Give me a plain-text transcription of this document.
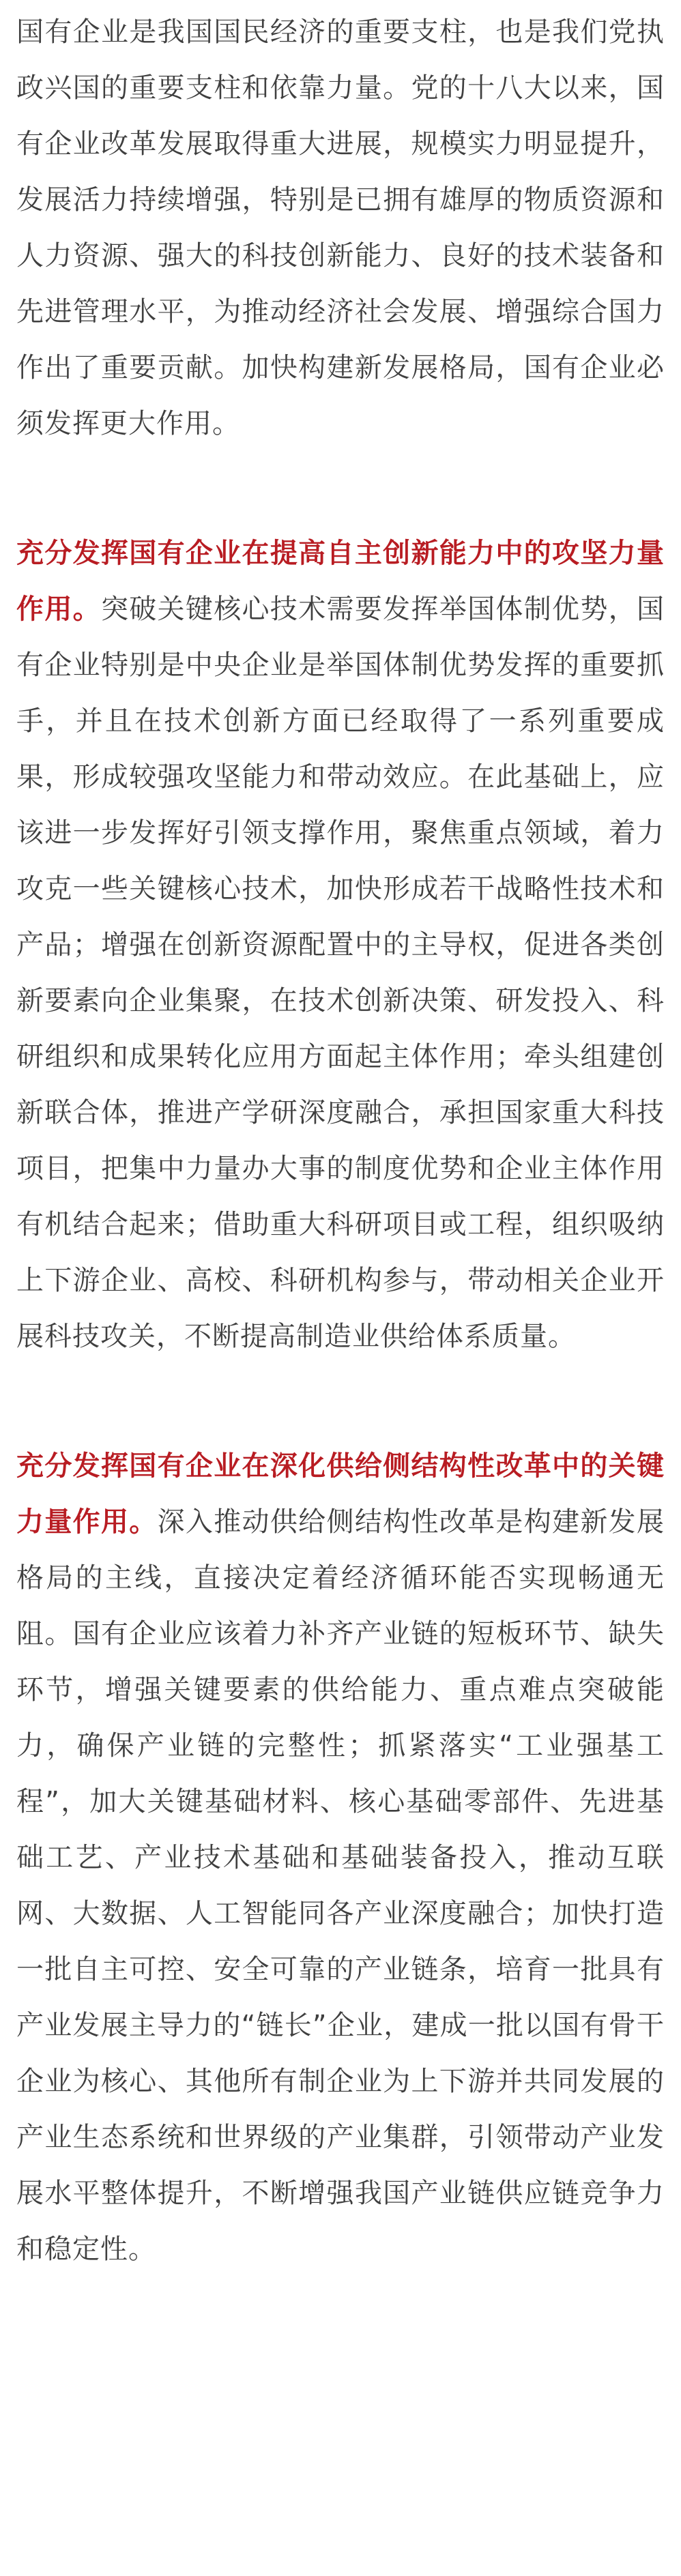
国有企业是我国国民经济的重要支柱，也是我们党执政兴国的重要支柱和依靠力量。党的十八大以来，国有企业改革发展取得重大进展，规模实力明显提升，发展活力持续增强，特别是已拥有雄厚的物质资源和人力资源、强大的科技创新能力、良好的技术装备和先进管理水平，为推动经济社会发展、增强综合国力作出了重要贡献。加快构建新发展格局，国有企业必须发挥更大作用。

充分发挥国有企业在提高自主创新能力中的攻坚力量作用。突破关键核心技术需要发挥举国体制优势，国有企业特别是中央企业是举国体制优势发挥的重要抓手，并且在技术创新方面已经取得了一系列重要成果，形成较强攻坚能力和带动效应。在此基础上，应该进一步发挥好引领支撑作用，聚焦重点领域，着力攻克一些关键核心技术，加快形成若干战略性技术和产品；增强在创新资源配置中的主导权，促进各类创新要素向企业集聚，在技术创新决策、研发投入、科研组织和成果转化应用方面起主体作用；牵头组建创新联合体，推进产学研深度融合，承担国家重大科技项目，把集中力量办大事的制度优势和企业主体作用有机结合起来；借助重大科研项目或工程，组织吸纳上下游企业、高校、科研机构参与，带动相关企业开展科技攻关，不断提高制造业供给体系质量。

充分发挥国有企业在深化供给侧结构性改革中的关键力量作用。深入推动供给侧结构性改革是构建新发展格局的主线，直接决定着经济循环能否实现畅通无阻。国有企业应该着力补齐产业链的短板环节、缺失环节，增强关键要素的供给能力、重点难点突破能力，确保产业链的完整性；抓紧落实“工业强基工程”，加大关键基础材料、核心基础零部件、先进基础工艺、产业技术基础和基础装备投入，推动互联网、大数据、人工智能同各产业深度融合；加快打造一批自主可控、安全可靠的产业链条，培育一批具有产业发展主导力的“链长”企业，建成一批以国有骨干企业为核心、其他所有制企业为上下游并共同发展的产业生态系统和世界级的产业集群，引领带动产业发展水平整体提升，不断增强我国产业链供应链竞争力和稳定性。
